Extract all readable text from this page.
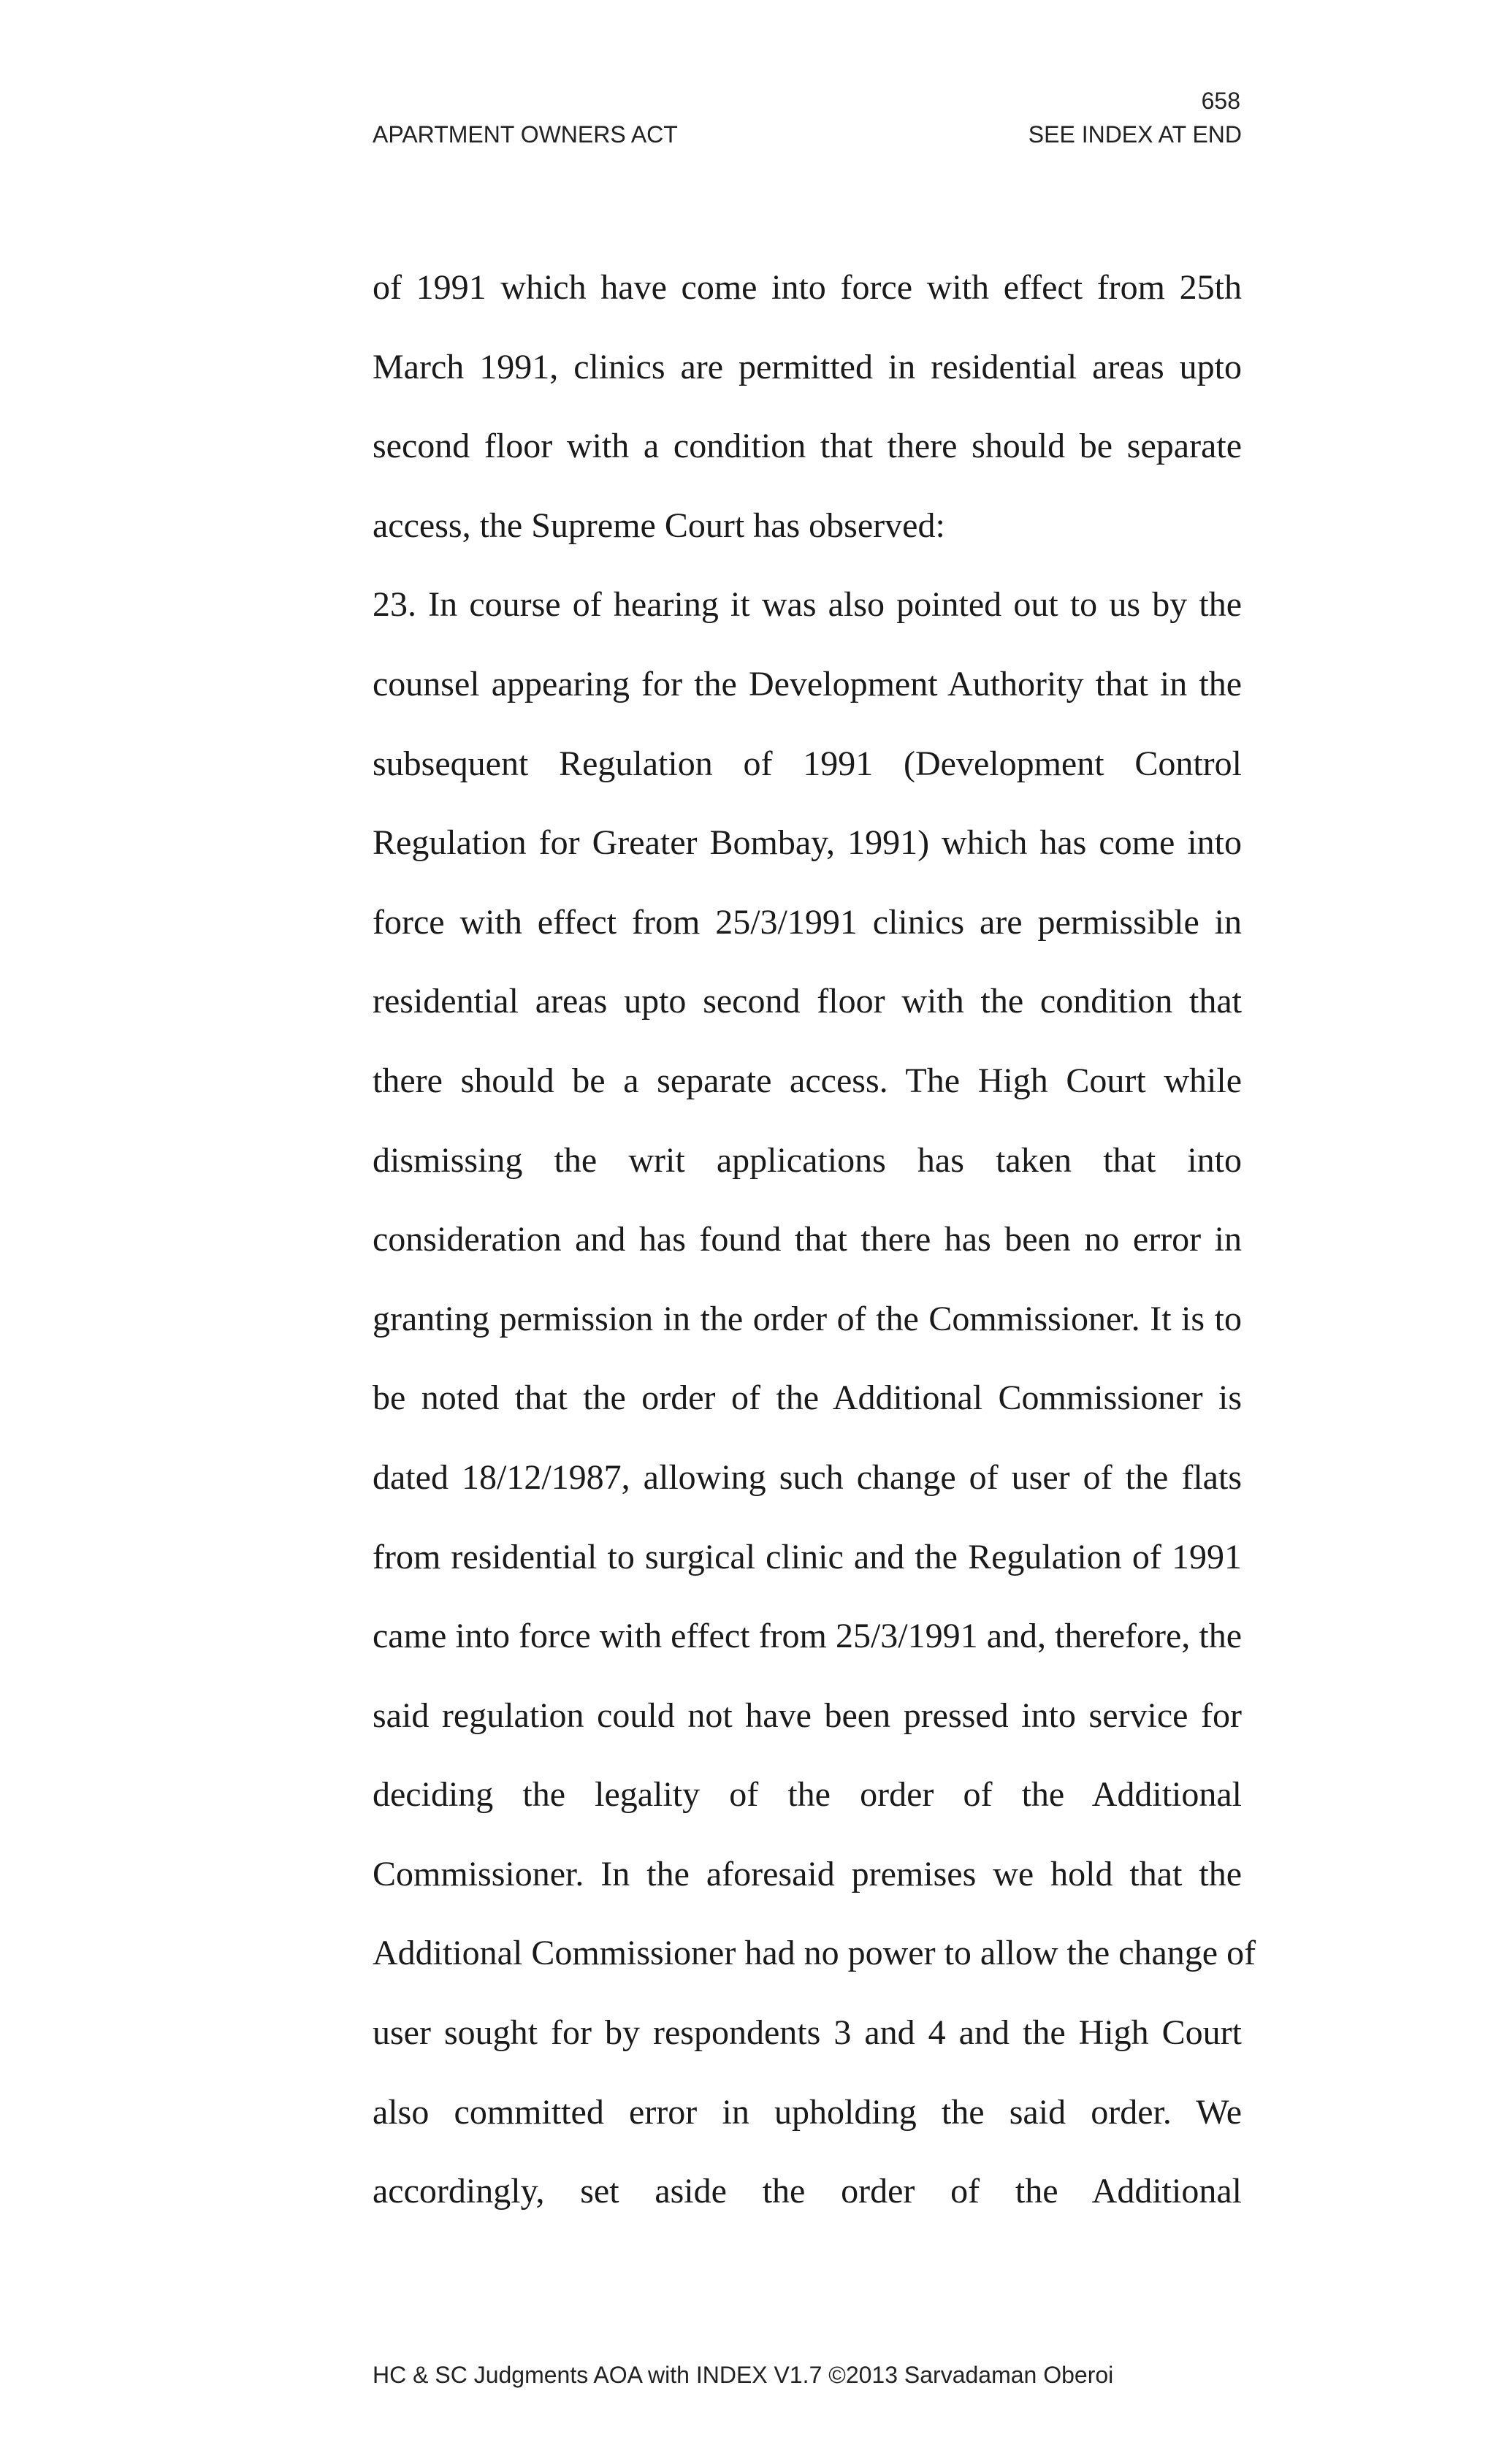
658
APARTMENT OWNERS ACT	SEE INDEX AT END
of 1991 which have come into force with effect from 25th
March 1991, clinics are permitted in residential areas upto
second floor with a condition that there should be separate
access, the Supreme Court has observed:
23. In course of hearing it was also pointed out to us by the
counsel appearing for the Development Authority that in the
subsequent Regulation of 1991 (Development Control
Regulation for Greater Bombay, 1991) which has come into
force with effect from 25/3/1991 clinics are permissible in
residential areas upto second floor with the condition that
there should be a separate access. The High Court while
dismissing the writ applications has taken that into
consideration and has found that there has been no error in
granting permission in the order of the Commissioner. It is to
be noted that the order of the Additional Commissioner is
dated 18/12/1987, allowing such change of user of the flats
from residential to surgical clinic and the Regulation of 1991
came into force with effect from 25/3/1991 and, therefore, the
said regulation could not have been pressed into service for
deciding the legality of the order of the Additional
Commissioner. In the aforesaid premises we hold that the
Additional Commissioner had no power to allow the change of
user sought for by respondents 3 and 4 and the High Court
also committed error in upholding the said order. We
accordingly, set aside the order of the Additional
HC & SC Judgments AOA with INDEX V1.7 ©2013 Sarvadaman Oberoi
